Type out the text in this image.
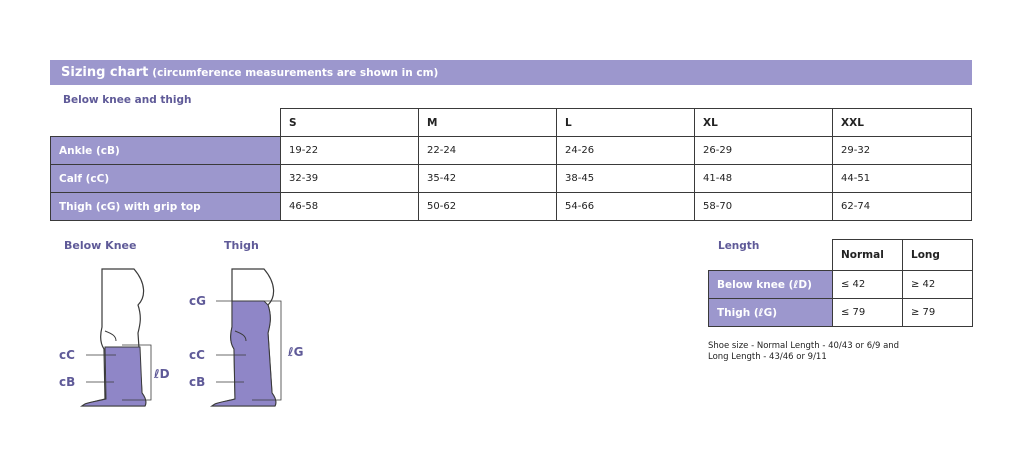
Sizing chart (circumference measurements are shown in cm)
Below knee and thigh
	S	M	L	XL	XXL
Ankle (cB)	19-22	22-24	24-26	26-29	29-32
Calf (cC)	32-39	35-42	38-45	41-48	44-51
Thigh (cG) with grip top	46-58	50-62	54-66	58-70	62-74
Below Knee	Thigh
cC
cB
ℓD
cG
cC
cB
ℓG
Length
	Normal	Long
Below knee (ℓD)	≤ 42	≥ 42
Thigh (ℓG)	≤ 79	≥ 79
Shoe size - Normal Length - 40/43 or 6/9 and
Long Length - 43/46 or 9/11
